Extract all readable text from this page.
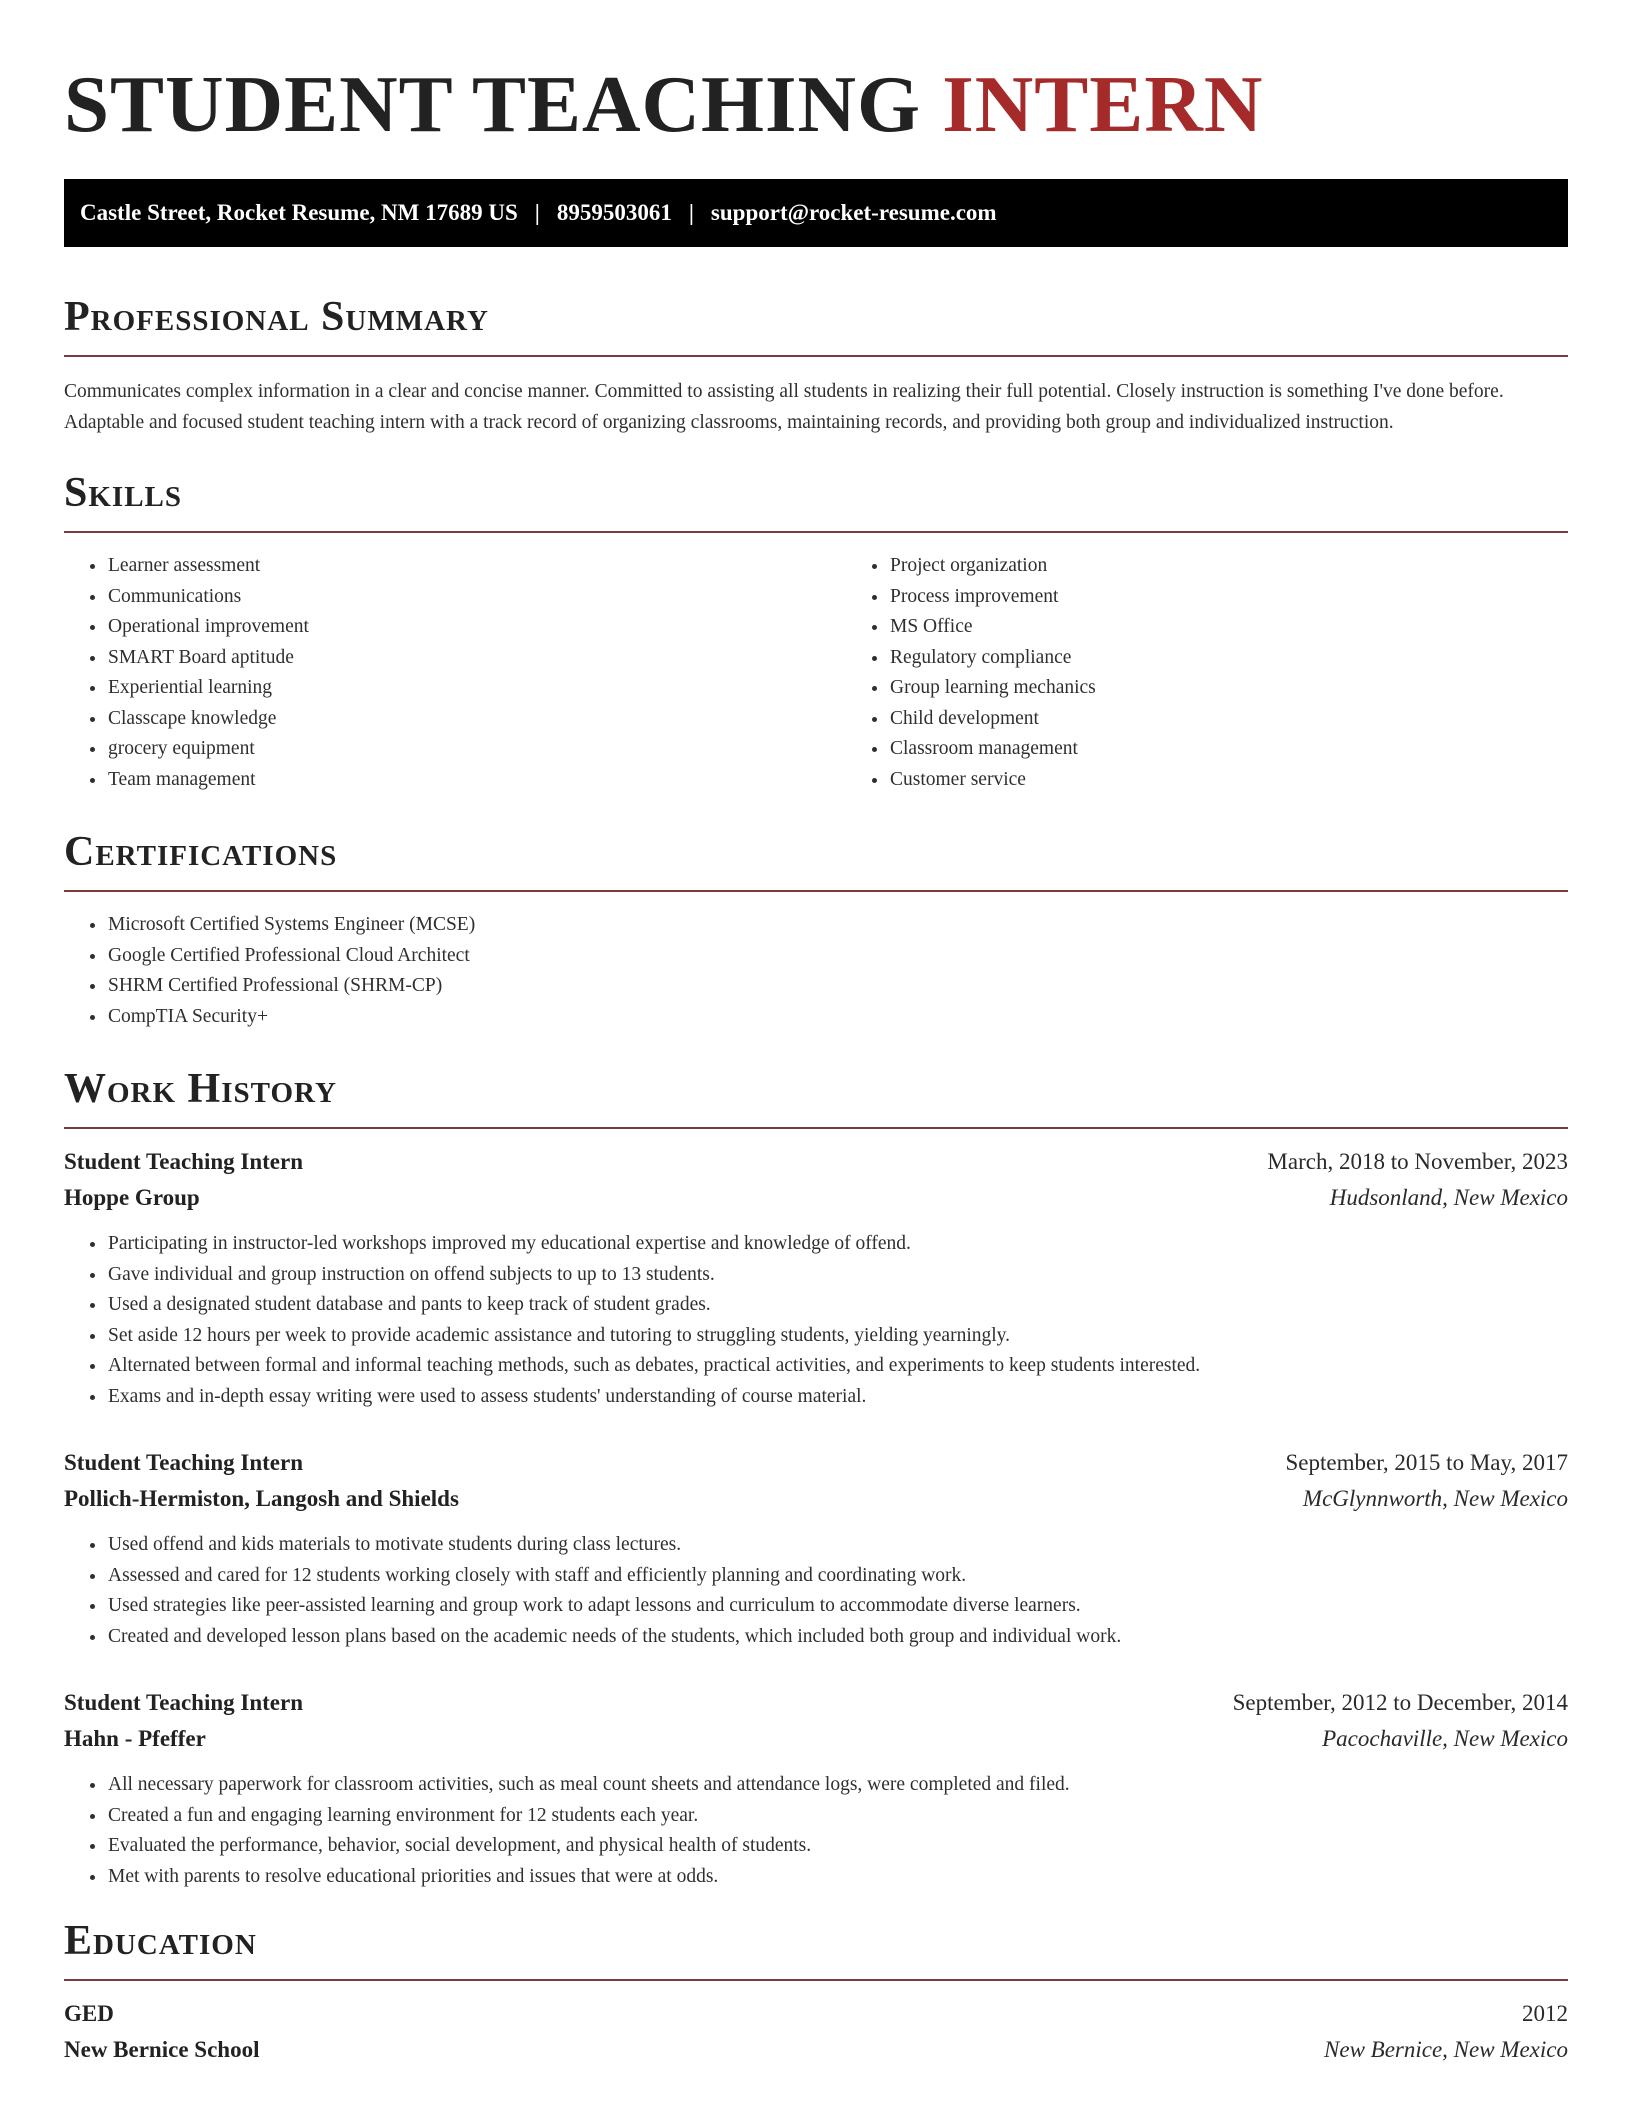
STUDENT TEACHING INTERN
Castle Street, Rocket Resume, NM 17689 US | 8959503061 | support@rocket-resume.com
Professional Summary

Communicates complex information in a clear and concise manner. Committed to assisting all students in realizing their full potential. Closely instruction is something I've done before. Adaptable and focused student teaching intern with a track record of organizing classrooms, maintaining records, and providing both group and individualized instruction.

Skills
• Learner assessment
• Communications
• Operational improvement
• SMART Board aptitude
• Experiential learning
• Classcape knowledge
• grocery equipment
• Team management
• Project organization
• Process improvement
• MS Office
• Regulatory compliance
• Group learning mechanics
• Child development
• Classroom management
• Customer service
Certifications
• Microsoft Certified Systems Engineer (MCSE)
• Google Certified Professional Cloud Architect
• SHRM Certified Professional (SHRM-CP)
• CompTIA Security+
Work History
Student Teaching Intern	March, 2018 to November, 2023
Hoppe Group	Hudsonland, New Mexico
• Participating in instructor-led workshops improved my educational expertise and knowledge of offend.
• Gave individual and group instruction on offend subjects to up to 13 students.
• Used a designated student database and pants to keep track of student grades.
• Set aside 12 hours per week to provide academic assistance and tutoring to struggling students, yielding yearningly.
• Alternated between formal and informal teaching methods, such as debates, practical activities, and experiments to keep students interested.
• Exams and in-depth essay writing were used to assess students' understanding of course material.
Student Teaching Intern	September, 2015 to May, 2017
Pollich-Hermiston, Langosh and Shields	McGlynnworth, New Mexico
• Used offend and kids materials to motivate students during class lectures.
• Assessed and cared for 12 students working closely with staff and efficiently planning and coordinating work.
• Used strategies like peer-assisted learning and group work to adapt lessons and curriculum to accommodate diverse learners.
• Created and developed lesson plans based on the academic needs of the students, which included both group and individual work.
Student Teaching Intern	September, 2012 to December, 2014
Hahn - Pfeffer	Pacochaville, New Mexico
• All necessary paperwork for classroom activities, such as meal count sheets and attendance logs, were completed and filed.
• Created a fun and engaging learning environment for 12 students each year.
• Evaluated the performance, behavior, social development, and physical health of students.
• Met with parents to resolve educational priorities and issues that were at odds.
Education
GED	2012
New Bernice School	New Bernice, New Mexico
